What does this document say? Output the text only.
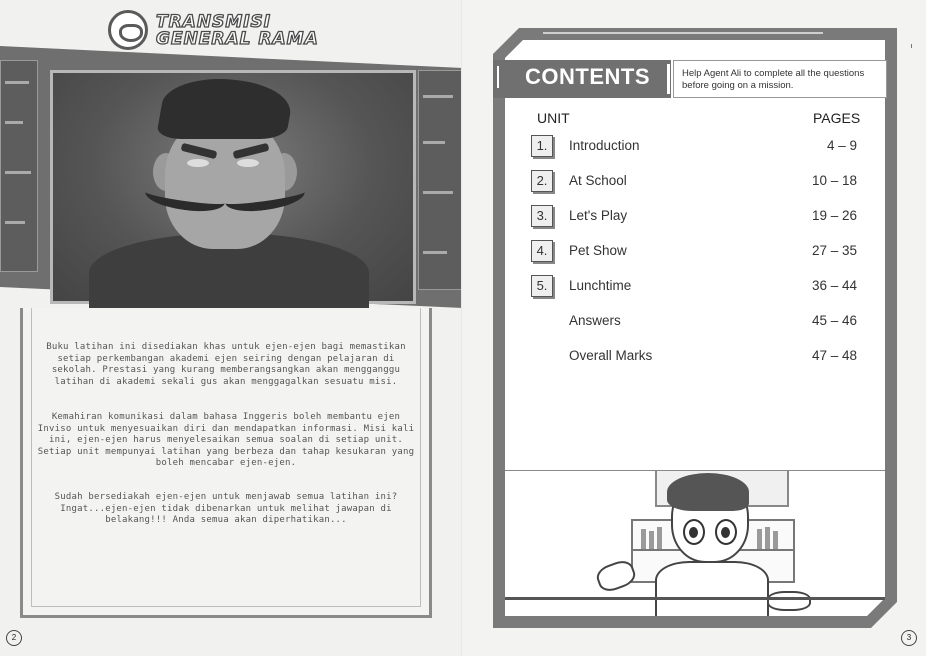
TRANSMISI
GENERAL RAMA
Buku latihan ini disediakan khas untuk ejen-ejen bagi memastikan setiap perkembangan akademi ejen seiring dengan pelajaran di sekolah. Prestasi yang kurang memberangsangkan akan mengganggu latihan di akademi sekali gus akan menggagalkan sesuatu misi.
Kemahiran komunikasi dalam bahasa Inggeris boleh membantu ejen Inviso untuk menyesuaikan diri dan mendapatkan informasi. Misi kali ini, ejen-ejen harus menyelesaikan semua soalan di setiap unit. Setiap unit mempunyai latihan yang berbeza dan tahap kesukaran yang boleh mencabar ejen-ejen.
Sudah bersediakah ejen-ejen untuk menjawab semua latihan ini? Ingat...ejen-ejen tidak dibenarkan untuk melihat jawapan di belakang!!! Anda semua akan diperhatikan...
2
CONTENTS	Help Agent Ali to complete all the questions before going on a mission.
UNIT	PAGES
1.	Introduction	4 – 9
2.	At School	10 – 18
3.	Let's Play	19 – 26
4.	Pet Show	27 – 35
5.	Lunchtime	36 – 44
Answers	45 – 46
Overall Marks	47 – 48
3
